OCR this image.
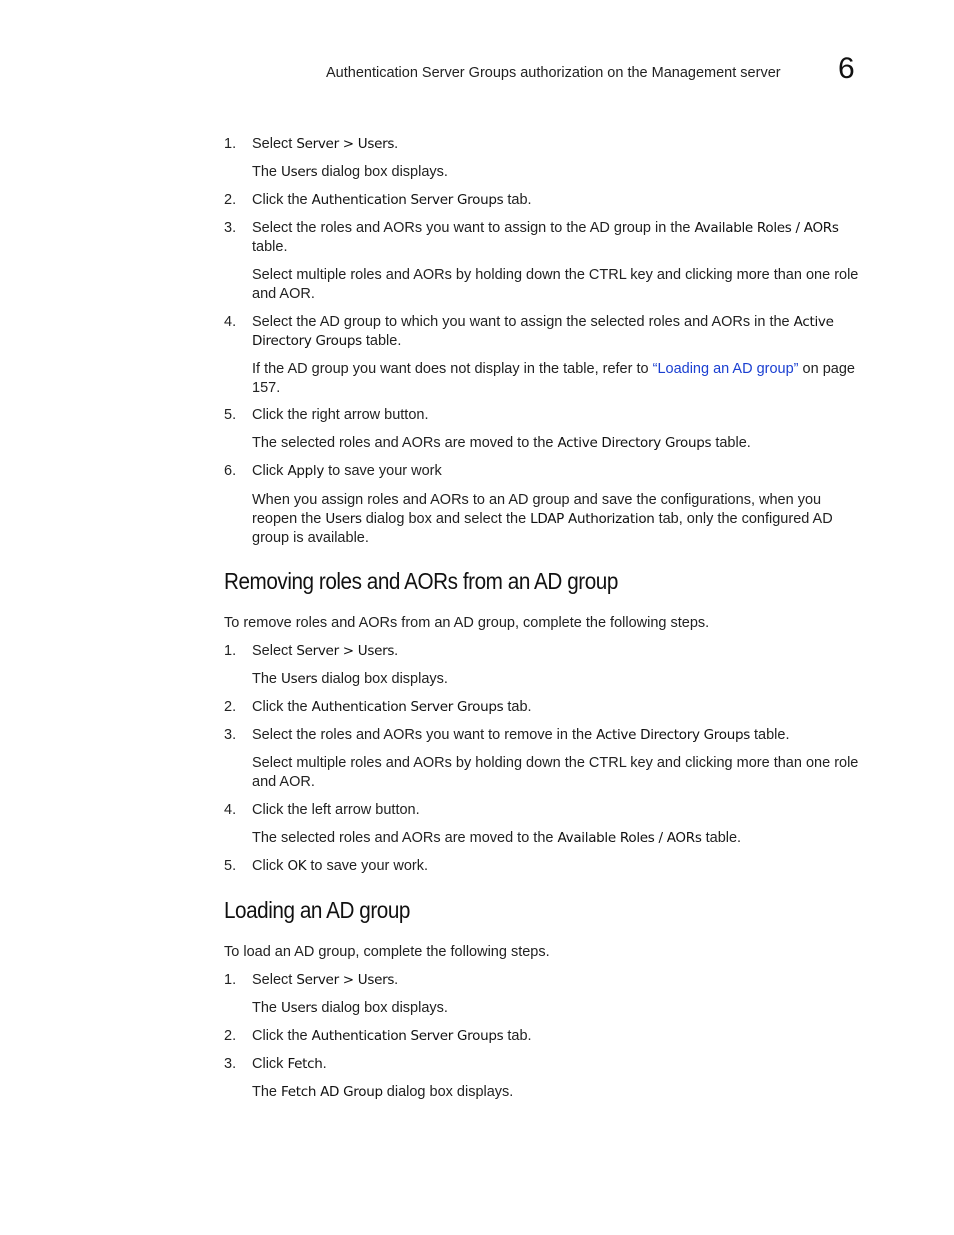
Authentication Server Groups authorization on the Management server 6
1. Select Server > Users.
The Users dialog box displays.
2. Click the Authentication Server Groups tab.
3. Select the roles and AORs you want to assign to the AD group in the Available Roles / AORs table.
Select multiple roles and AORs by holding down the CTRL key and clicking more than one role and AOR.
4. Select the AD group to which you want to assign the selected roles and AORs in the Active Directory Groups table.
If the AD group you want does not display in the table, refer to “Loading an AD group” on page 157.
5. Click the right arrow button.
The selected roles and AORs are moved to the Active Directory Groups table.
6. Click Apply to save your work
When you assign roles and AORs to an AD group and save the configurations, when you reopen the Users dialog box and select the LDAP Authorization tab, only the configured AD group is available.
Removing roles and AORs from an AD group
To remove roles and AORs from an AD group, complete the following steps.
1. Select Server > Users.
The Users dialog box displays.
2. Click the Authentication Server Groups tab.
3. Select the roles and AORs you want to remove in the Active Directory Groups table.
Select multiple roles and AORs by holding down the CTRL key and clicking more than one role and AOR.
4. Click the left arrow button.
The selected roles and AORs are moved to the Available Roles / AORs table.
5. Click OK to save your work.
Loading an AD group
To load an AD group, complete the following steps.
1. Select Server > Users.
The Users dialog box displays.
2. Click the Authentication Server Groups tab.
3. Click Fetch.
The Fetch AD Group dialog box displays.
